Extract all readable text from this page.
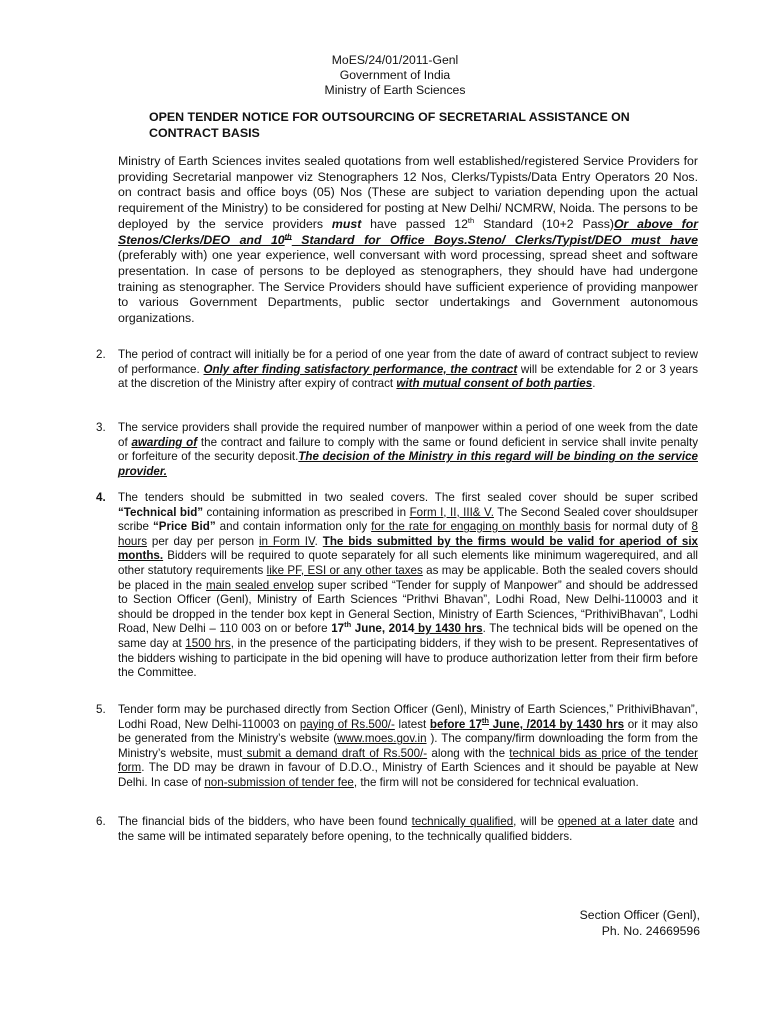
MoES/24/01/2011-Genl
Government of India
Ministry of Earth Sciences
OPEN TENDER NOTICE FOR OUTSOURCING OF SECRETARIAL ASSISTANCE ON CONTRACT BASIS
Ministry of Earth Sciences invites sealed quotations from well established/registered Service Providers for providing Secretarial manpower viz Stenographers 12 Nos, Clerks/Typists/Data Entry Operators 20 Nos. on contract basis and office boys (05) Nos (These are subject to variation depending upon the actual requirement of the Ministry) to be considered for posting at New Delhi/ NCMRW, Noida. The persons to be deployed by the service providers must have passed 12th Standard (10+2 Pass)Or above for Stenos/Clerks/DEO and 10th Standard for Office Boys.Steno/ Clerks/Typist/DEO must have (preferably with) one year experience, well conversant with word processing, spread sheet and software presentation. In case of persons to be deployed as stenographers, they should have had undergone training as stenographer. The Service Providers should have sufficient experience of providing manpower to various Government Departments, public sector undertakings and Government autonomous organizations.
2.	The period of contract will initially be for a period of one year from the date of award of contract subject to review of performance. Only after finding satisfactory performance, the contract will be extendable for 2 or 3 years at the discretion of the Ministry after expiry of contract with mutual consent of both parties.
3.	The service providers shall provide the required number of manpower within a period of one week from the date of awarding of the contract and failure to comply with the same or found deficient in service shall invite penalty or forfeiture of the security deposit.The decision of the Ministry in this regard will be binding on the service provider.
4.	The tenders should be submitted in two sealed covers. The first sealed cover should be super scribed “Technical bid” containing information as prescribed in Form I, II, III& V. The Second Sealed cover shouldsuper scribe “Price Bid” and contain information only for the rate for engaging on monthly basis for normal duty of 8 hours per day per person in Form IV. The bids submitted by the firms would be valid for aperiod of six months. Bidders will be required to quote separately for all such elements like minimum wagerequired, and all other statutory requirements like PF, ESI or any other taxes as may be applicable. Both the sealed covers should be placed in the main sealed envelop super scribed “Tender for supply of Manpower” and should be addressed to Section Officer (Genl), Ministry of Earth Sciences “Prithvi Bhavan”, Lodhi Road, New Delhi-110003 and it should be dropped in the tender box kept in General Section, Ministry of Earth Sciences, “PrithiviBhavan”, Lodhi Road, New Delhi – 110 003 on or before 17th June, 2014 by 1430 hrs. The technical bids will be opened on the same day at 1500 hrs, in the presence of the participating bidders, if they wish to be present. Representatives of the bidders wishing to participate in the bid opening will have to produce authorization letter from their firm before the Committee.
5.	Tender form may be purchased directly from Section Officer (Genl), Ministry of Earth Sciences,” PrithiviBhavan”, Lodhi Road, New Delhi-110003 on paying of Rs.500/- latest before 17th June, /2014 by 1430 hrs or it may also be generated from the Ministry’s website (www.moes.gov.in ). The company/firm downloading the form from the Ministry’s website, must submit a demand draft of Rs.500/- along with the technical bids as price of the tender form. The DD may be drawn in favour of D.D.O., Ministry of Earth Sciences and it should be payable at New Delhi. In case of non-submission of tender fee, the firm will not be considered for technical evaluation.
6.	The financial bids of the bidders, who have been found technically qualified, will be opened at a later date and the same will be intimated separately before opening, to the technically qualified bidders.
Section Officer (Genl),
Ph. No. 24669596
